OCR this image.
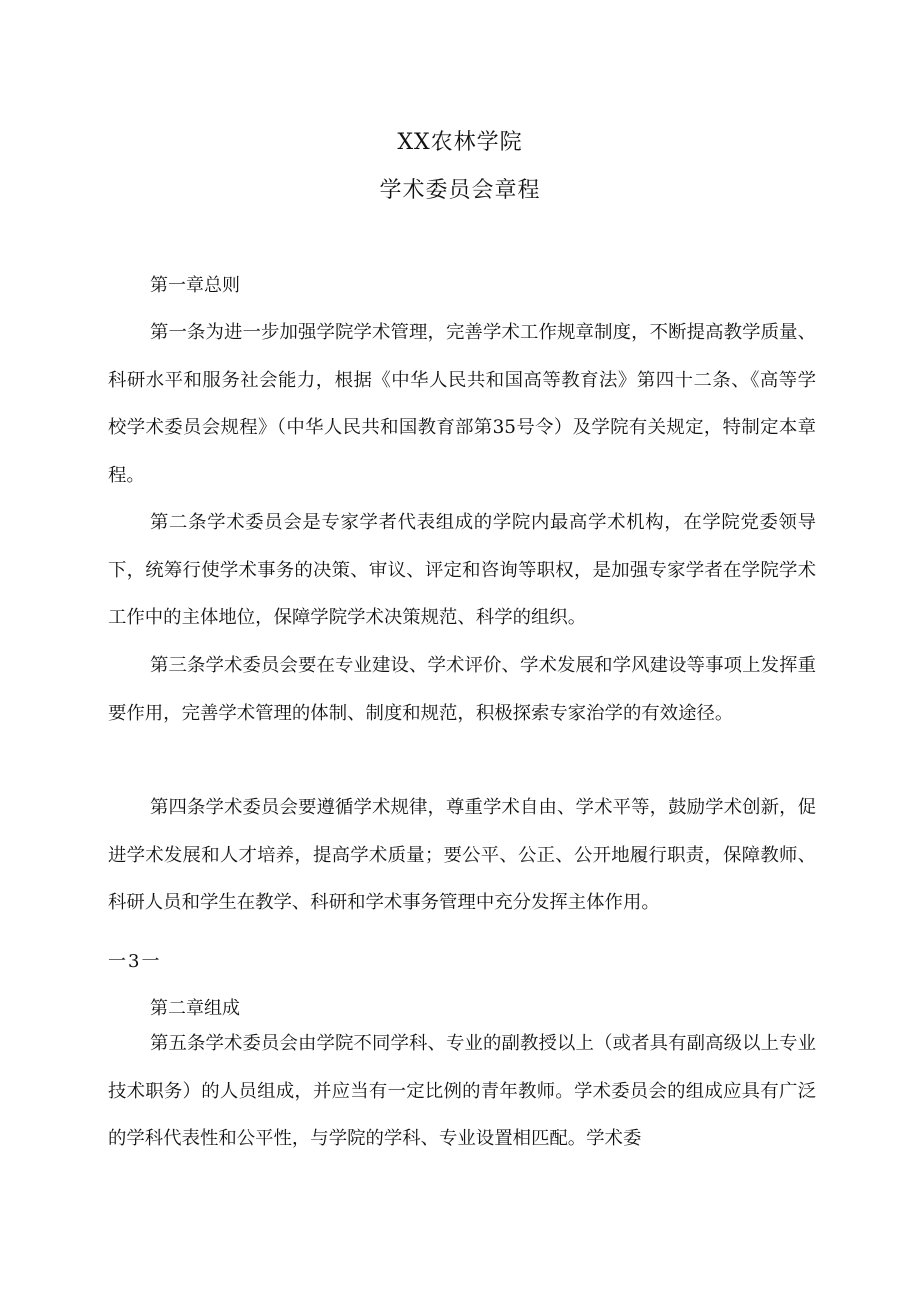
XX农林学院
学术委员会章程
第一章总则

第一条为进一步加强学院学术管理，完善学术工作规章制度，不断提高教学质量、科研水平和服务社会能力，根据《中华人民共和国高等教育法》第四十二条、《高等学校学术委员会规程》（中华人民共和国教育部第35号令）及学院有关规定，特制定本章程。

第二条学术委员会是专家学者代表组成的学院内最高学术机构，在学院党委领导下，统筹行使学术事务的决策、审议、评定和咨询等职权，是加强专家学者在学院学术工作中的主体地位，保障学院学术决策规范、科学的组织。

第三条学术委员会要在专业建设、学术评价、学术发展和学风建设等事项上发挥重要作用，完善学术管理的体制、制度和规范，积极探索专家治学的有效途径。

第四条学术委员会要遵循学术规律，尊重学术自由、学术平等，鼓励学术创新，促进学术发展和人才培养，提高学术质量；要公平、公正、公开地履行职责，保障教师、科研人员和学生在教学、科研和学术事务管理中充分发挥主体作用。

一3一
第二章组成

第五条学术委员会由学院不同学科、专业的副教授以上（或者具有副高级以上专业技术职务）的人员组成，并应当有一定比例的青年教师。学术委员会的组成应具有广泛的学科代表性和公平性，与学院的学科、专业设置相匹配。学术委
